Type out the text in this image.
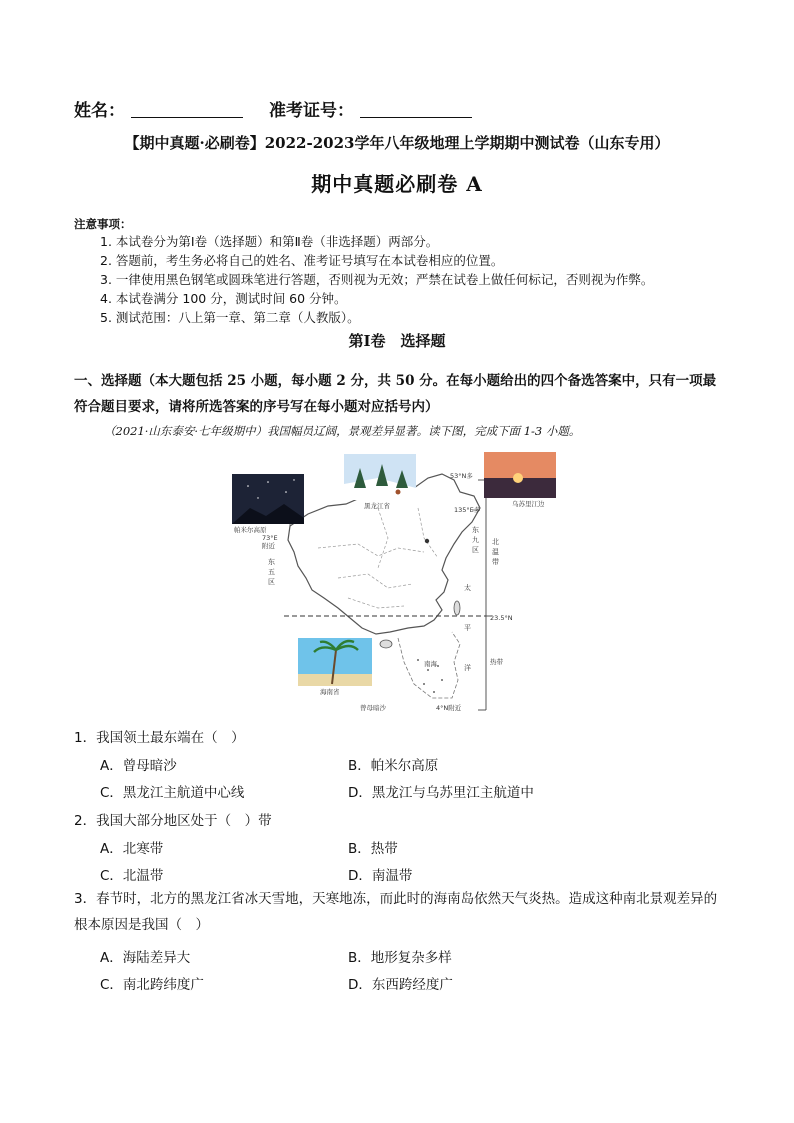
姓名：	准考证号：
【期中真题·必刷卷】2022-2023学年八年级地理上学期期中测试卷（山东专用）
期中真题必刷卷 A
注意事项：
1. 本试卷分为第Ⅰ卷（选择题）和第Ⅱ卷（非选择题）两部分。
2. 答题前，考生务必将自己的姓名、准考证号填写在本试卷相应的位置。
3. 一律使用黑色钢笔或圆珠笔进行答题，否则视为无效；严禁在试卷上做任何标记，否则视为作弊。
4. 本试卷满分 100 分，测试时间 60 分钟。
5. 测试范围：八上第一章、第二章（人教版）。
第Ⅰ卷　选择题
一、选择题（本大题包括 25 小题，每小题 2 分，共 50 分。在每小题给出的四个备选答案中，只有一项最符合题目要求，请将所选答案的序号写在每小题对应括号内）
（2021·山东泰安·七年级期中）我国幅员辽阔，景观差异显著。读下图，完成下面 1-3 小题。
帕米尔高原
黑龙江省	乌苏里江边
海南省
53°N多
135°E多
73°E
附近
东
九
区
东
五
区
北
温
带
太
平
洋
23.5°N
热带
南海
曾母暗沙	4°N附近
1．我国领土最东端在（　）
A．曾母暗沙	B．帕米尔高原
C．黑龙江主航道中心线	D．黑龙江与乌苏里江主航道中
2．我国大部分地区处于（　）带
A．北寒带	B．热带
C．北温带	D．南温带
3．春节时，北方的黑龙江省冰天雪地，天寒地冻，而此时的海南岛依然天气炎热。造成这种南北景观差异的根本原因是我国（　）
A．海陆差异大	B．地形复杂多样
C．南北跨纬度广	D．东西跨经度广
